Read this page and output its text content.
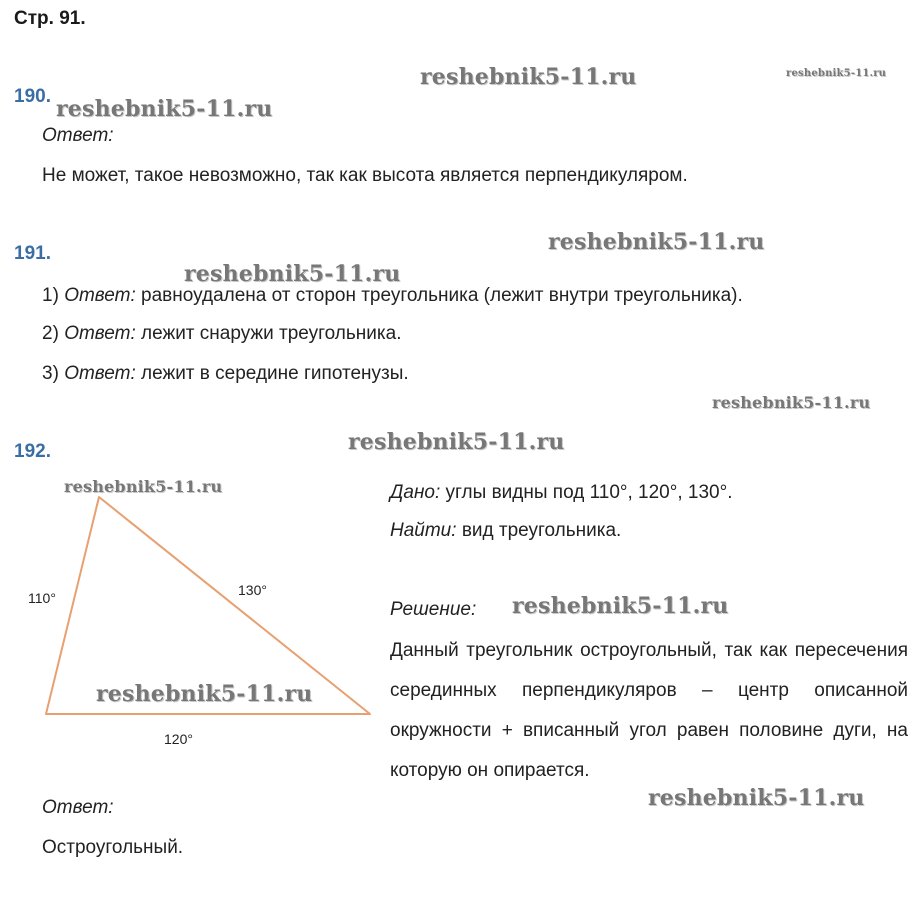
Стр. 91.
reshebnik5-11.ru	reshebnik5-11.ru
reshebnik5-11.ru
reshebnik5-11.ru
reshebnik5-11.ru
reshebnik5-11.ru
reshebnik5-11.ru
reshebnik5-11.ru
reshebnik5-11.ru
reshebnik5-11.ru
190.
Ответ:
Не может, такое невозможно, так как высота является перпендикуляром.
191.
1) Ответ: равноудалена от сторон треугольника (лежит внутри треугольника).
2) Ответ: лежит снаружи треугольника.
3) Ответ: лежит в середине гипотенузы.
192.
110°	130°
120°
reshebnik5-11.ru
Дано: углы видны под 110°, 120°, 130°.
Найти: вид треугольника.
Решение:
Данный треугольник остроугольный, так как пересечения серединных перпендикуляров – центр описанной окружности + вписанный угол равен половине дуги, на которую он опирается.
Ответ:
Остроугольный.
